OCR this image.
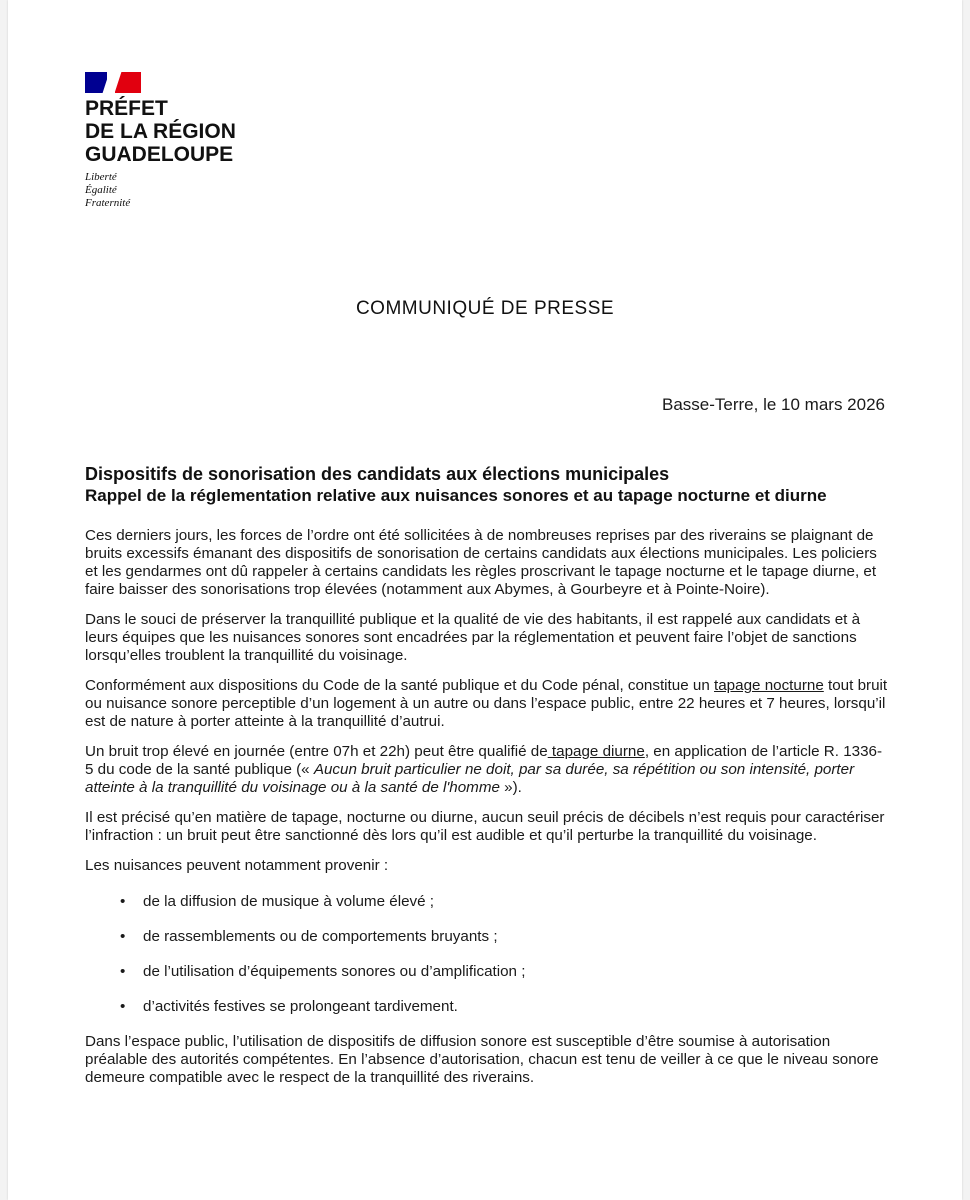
PRÉFET
DE LA RÉGION
GUADELOUPE
Liberté
Égalité
Fraternité
COMMUNIQUÉ DE PRESSE
Basse-Terre, le 10 mars 2026
Dispositifs de sonorisation des candidats aux élections municipales
Rappel de la réglementation relative aux nuisances sonores et au tapage nocturne et diurne

Ces derniers jours, les forces de l’ordre ont été sollicitées à de nombreuses reprises par des riverains se plaignant de bruits excessifs émanant des dispositifs de sonorisation de certains candidats aux élections municipales. Les policiers et les gendarmes ont dû rappeler à certains candidats les règles proscrivant le tapage nocturne et le tapage diurne, et faire baisser des sonorisations trop élevées (notamment aux Abymes, à Gourbeyre et à Pointe-Noire).

Dans le souci de préserver la tranquillité publique et la qualité de vie des habitants, il est rappelé aux candidats et à leurs équipes que les nuisances sonores sont encadrées par la réglementation et peuvent faire l’objet de sanctions lorsqu’elles troublent la tranquillité du voisinage.

Conformément aux dispositions du Code de la santé publique et du Code pénal, constitue un tapage nocturne tout bruit ou nuisance sonore perceptible d’un logement à un autre ou dans l’espace public, entre 22 heures et 7 heures, lorsqu’il est de nature à porter atteinte à la tranquillité d’autrui.

Un bruit trop élevé en journée (entre 07h et 22h) peut être qualifié de tapage diurne, en application de l’article R. 1336-5 du code de la santé publique (« Aucun bruit particulier ne doit, par sa durée, sa répétition ou son intensité, porter atteinte à la tranquillité du voisinage ou à la santé de l'homme »).

Il est précisé qu’en matière de tapage, nocturne ou diurne, aucun seuil précis de décibels n’est requis pour caractériser l’infraction : un bruit peut être sanctionné dès lors qu’il est audible et qu’il perturbe la tranquillité du voisinage.

Les nuisances peuvent notamment provenir :

• de la diffusion de musique à volume élevé ;
• de rassemblements ou de comportements bruyants ;
• de l’utilisation d’équipements sonores ou d’amplification ;
• d’activités festives se prolongeant tardivement.

Dans l’espace public, l’utilisation de dispositifs de diffusion sonore est susceptible d’être soumise à autorisation préalable des autorités compétentes. En l’absence d’autorisation, chacun est tenu de veiller à ce que le niveau sonore demeure compatible avec le respect de la tranquillité des riverains.
